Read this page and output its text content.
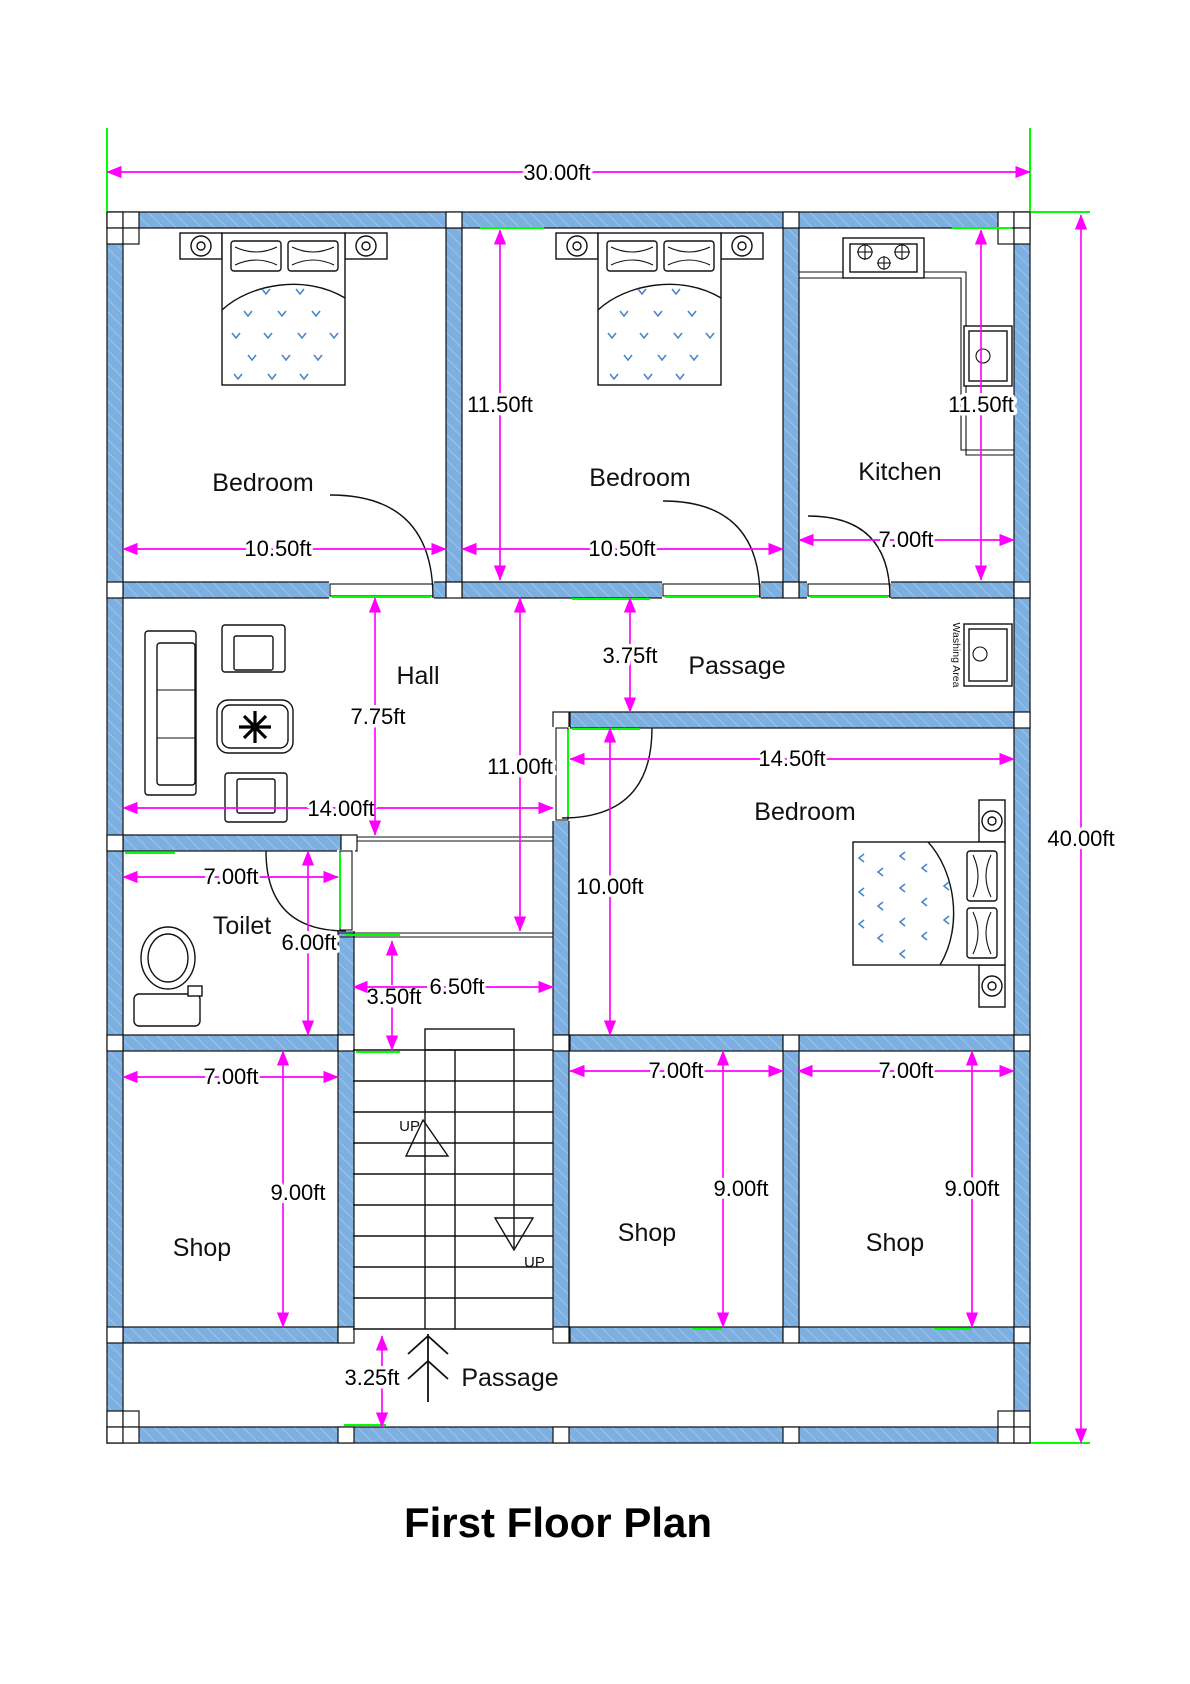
Washing Area
UP
UP
30.00ft
40.00ft
11.50ft	11.50ft
10.50ft	10.50ft	7.00ft
14.00ft
7.75ft
11.00ft
3.75ft
14.50ft
10.00ft
7.00ft
6.00ft
3.50ft 6.50ft
7.00ft
9.00ft
7.00ft
9.00ft
7.00ft
9.00ft
3.25ft
Bedroom	Bedroom	Kitchen
Hall	Passage
Bedroom
Toilet
Shop
Shop	Shop
Passage
First Floor Plan
